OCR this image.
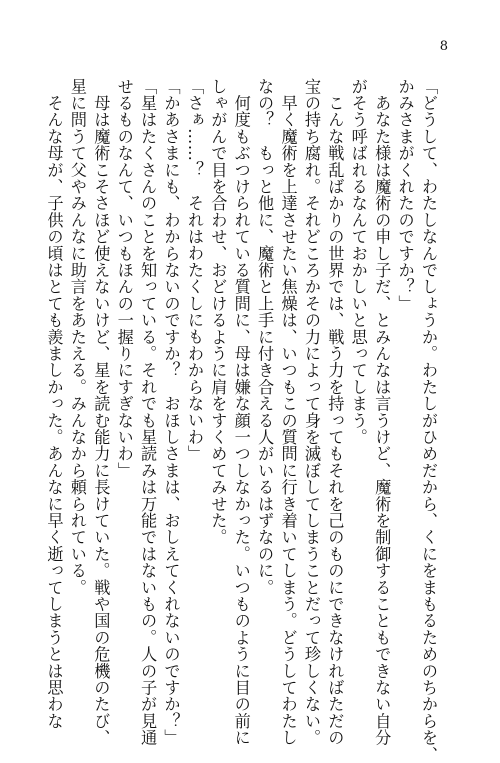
8

「どうして、わたしなんでしょうか。わたしがひめだから、くにをまもるためのちからを、

かみさまがくれたのですか？」

　あなた様は魔術の申し子だ、とみんなは言うけど、魔術を制御することもできない自分

がそう呼ばれるなんておかしいと思ってしまう。

　こんな戦乱ばかりの世界では、戦う力を持ってもそれを己のものにできなければただの

宝の持ち腐れ。それどころかその力によって身を滅ぼしてしまうことだって珍しくない。

　早く魔術を上達させたい焦燥は、いつもこの質問に行き着いてしまう。どうしてわたし

なの？　もっと他に、魔術と上手に付き合える人がいるはずなのに。

　何度もぶつけられている質問に、母は嫌な顔一つしなかった。いつものように目の前に

しゃがんで目を合わせ、おどけるように肩をすくめてみせた。

「さぁ……？　それはわたくしにもわからないわ」

「かあさまにも、わからないのですか？　おほしさまは、おしえてくれないのですか？」

「星はたくさんのことを知っている。それでも星読みは万能ではないもの。人の子が見通

せるものなんて、いつもほんの一握りにすぎないわ」

　母は魔術こそさほど使えないけど、星を読む能力に長けていた。戦や国の危機のたび、

星に問うて父やみんなに助言をあたえる。みんなから頼られている。

　そんな母が、子供の頃はとても羨ましかった。あんなに早く逝ってしまうとは思わな
